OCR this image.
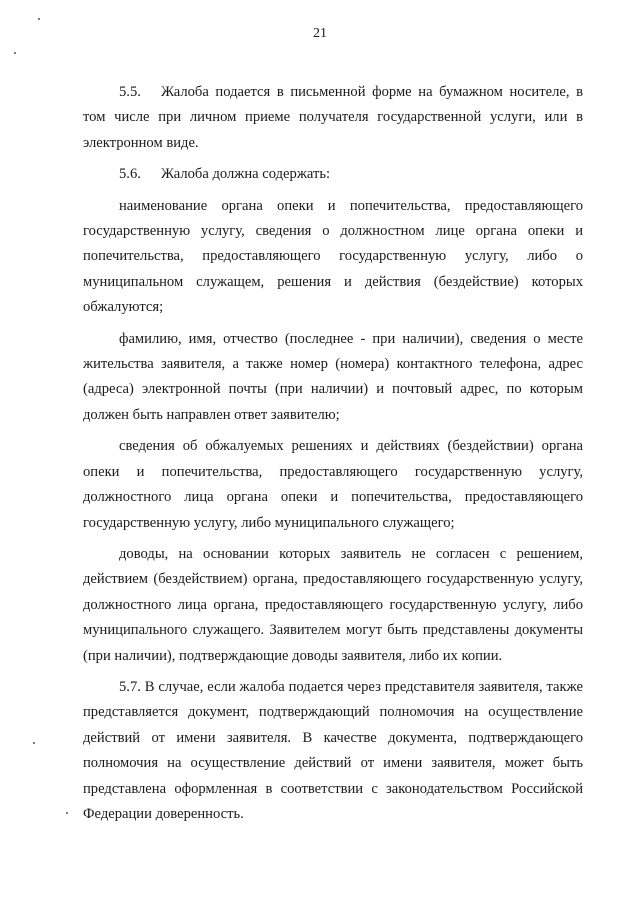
21

5.5. Жалоба подается в письменной форме на бумажном носителе, в том числе при личном приеме получателя государственной услуги, или в электронном виде.

5.6. Жалоба должна содержать:

наименование органа опеки и попечительства, предоставляющего государственную услугу, сведения о должностном лице органа опеки и попечительства, предоставляющего государственную услугу, либо о муниципальном служащем, решения и действия (бездействие) которых обжалуются;

фамилию, имя, отчество (последнее - при наличии), сведения о месте жительства заявителя, а также номер (номера) контактного телефона, адрес (адреса) электронной почты (при наличии) и почтовый адрес, по которым должен быть направлен ответ заявителю;

сведения об обжалуемых решениях и действиях (бездействии) органа опеки и попечительства, предоставляющего государственную услугу, должностного лица органа опеки и попечительства, предоставляющего государственную услугу, либо муниципального служащего;

доводы, на основании которых заявитель не согласен с решением, действием (бездействием) органа, предоставляющего государственную услугу, должностного лица органа, предоставляющего государственную услугу, либо муниципального служащего. Заявителем могут быть представлены документы (при наличии), подтверждающие доводы заявителя, либо их копии.

5.7. В случае, если жалоба подается через представителя заявителя, также представляется документ, подтверждающий полномочия на осуществление действий от имени заявителя. В качестве документа, подтверждающего полномочия на осуществление действий от имени заявителя, может быть представлена оформленная в соответствии с законодательством Российской Федерации доверенность.
